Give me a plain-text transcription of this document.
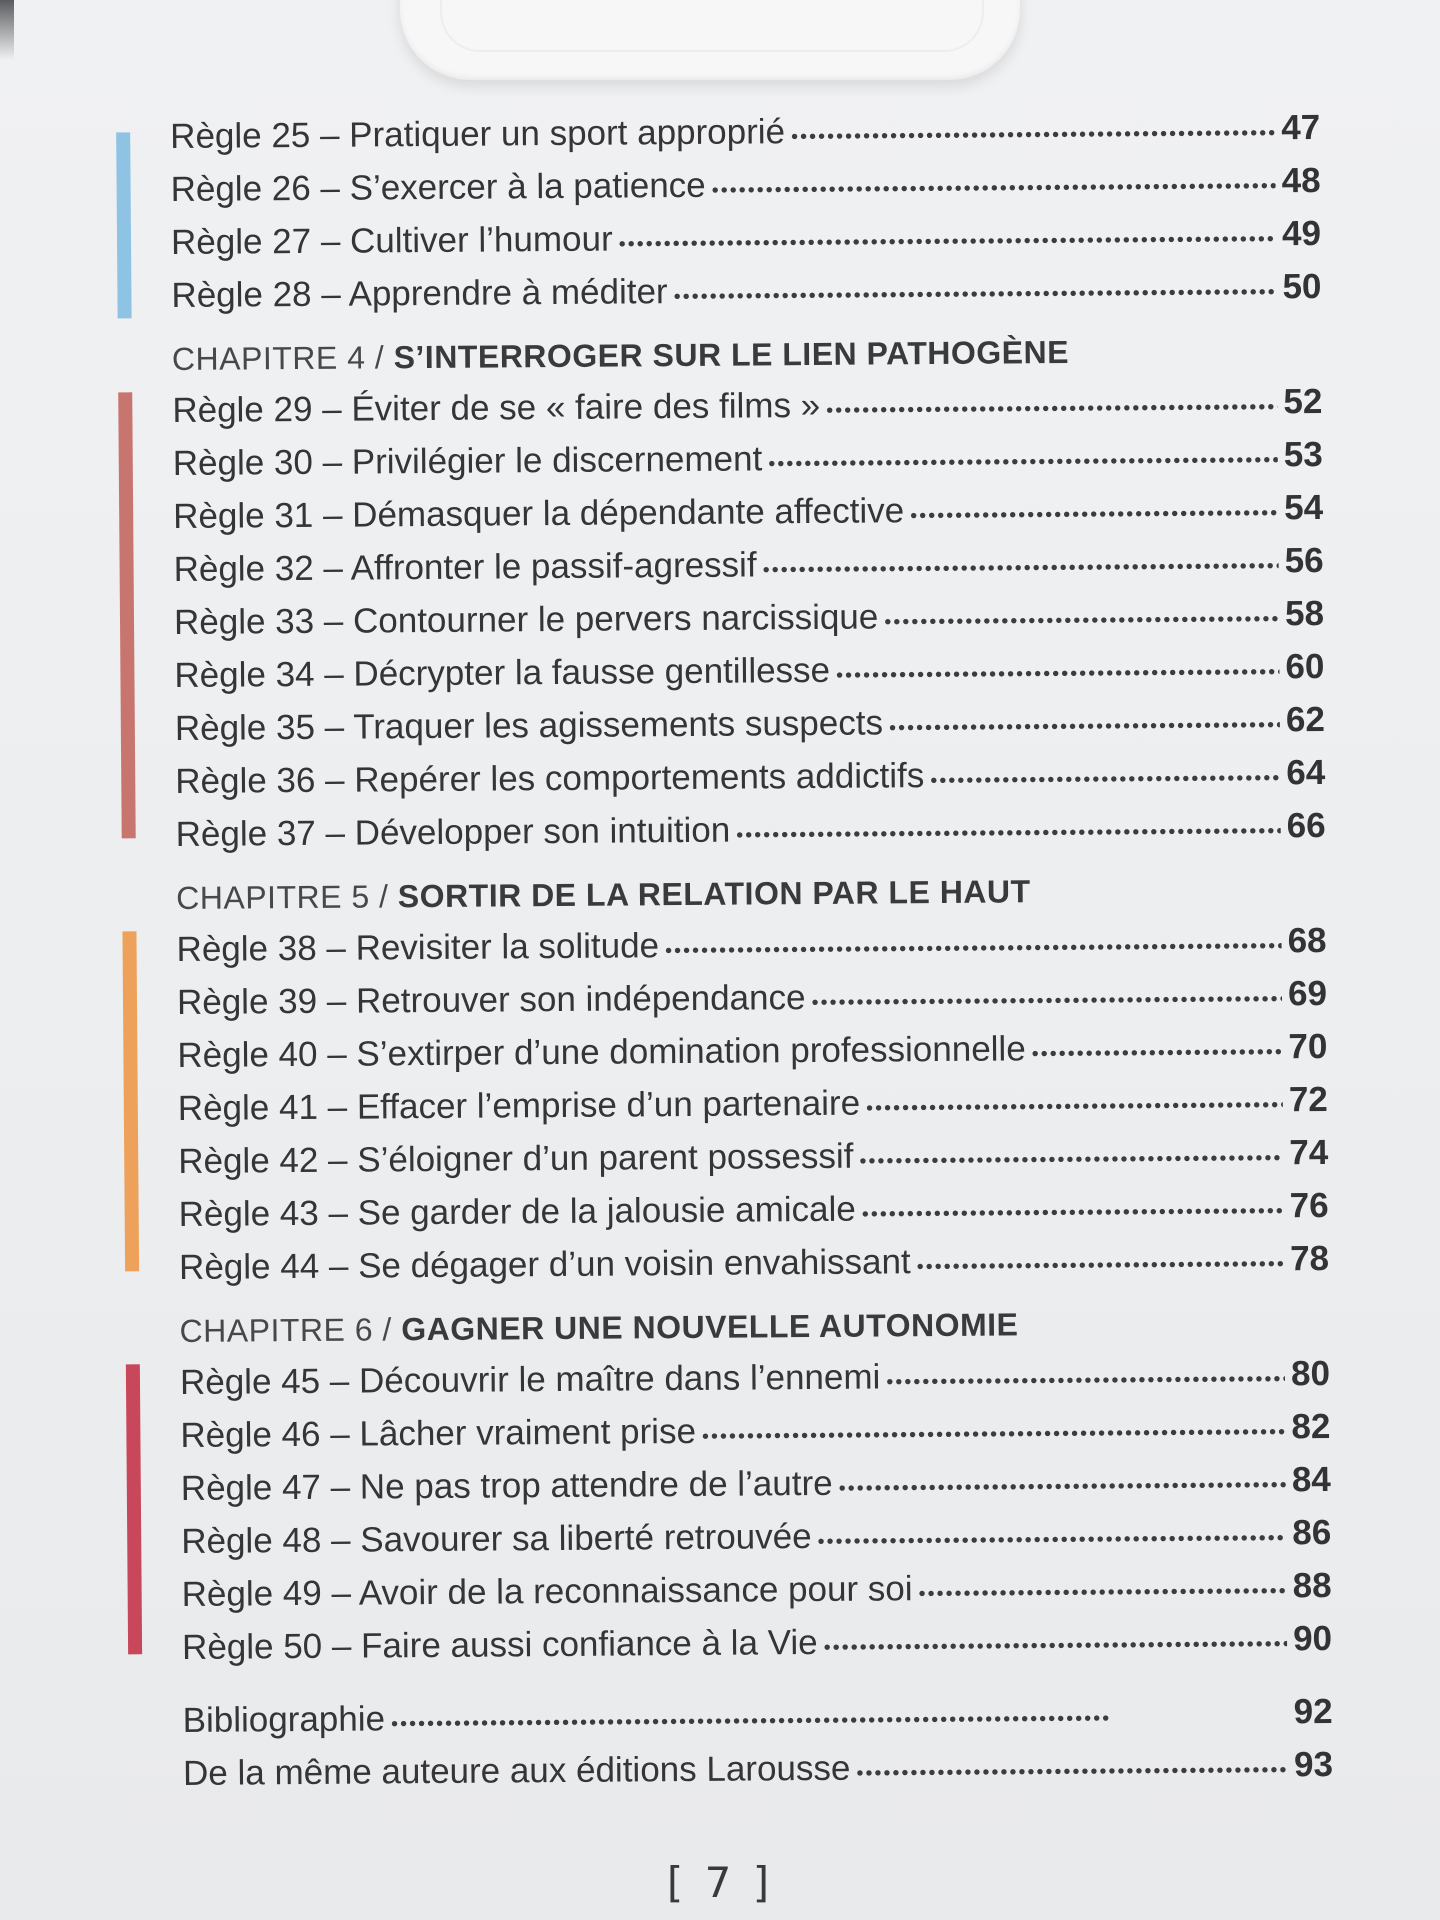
Règle 25 – Pratiquer un sport approprié •••••	47
Règle 26 – S’exercer à la patience •••••	48
Règle 27 – Cultiver l’humour •••••	49
Règle 28 – Apprendre à méditer •••••	50
CHAPITRE 4 / S’INTERROGER SUR LE LIEN PATHOGÈNE
Règle 29 – Éviter de se « faire des films » •••••	52
Règle 30 – Privilégier le discernement •••••	53
Règle 31 – Démasquer la dépendante affective •••••	54
Règle 32 – Affronter le passif-agressif •••••	56
Règle 33 – Contourner le pervers narcissique •••••	58
Règle 34 – Décrypter la fausse gentillesse •••••	60
Règle 35 – Traquer les agissements suspects •••••	62
Règle 36 – Repérer les comportements addictifs •••••	64
Règle 37 – Développer son intuition •••••	66
CHAPITRE 5 / SORTIR DE LA RELATION PAR LE HAUT
Règle 38 – Revisiter la solitude •••••	68
Règle 39 – Retrouver son indépendance •••••	69
Règle 40 – S’extirper d’une domination professionnelle •••••	70
Règle 41 – Effacer l’emprise d’un partenaire •••••	72
Règle 42 – S’éloigner d’un parent possessif •••••	74
Règle 43 – Se garder de la jalousie amicale •••••	76
Règle 44 – Se dégager d’un voisin envahissant •••••	78
CHAPITRE 6 / GAGNER UNE NOUVELLE AUTONOMIE
Règle 45 – Découvrir le maître dans l’ennemi •••••	80
Règle 46 – Lâcher vraiment prise •••••	82
Règle 47 – Ne pas trop attendre de l’autre •••••	84
Règle 48 – Savourer sa liberté retrouvée •••••	86
Règle 49 – Avoir de la reconnaissance pour soi •••••	88
Règle 50 – Faire aussi confiance à la Vie •••••	90
Bibliographie •••••	92
De la même auteure aux éditions Larousse •••••	93
[ 7 ]
